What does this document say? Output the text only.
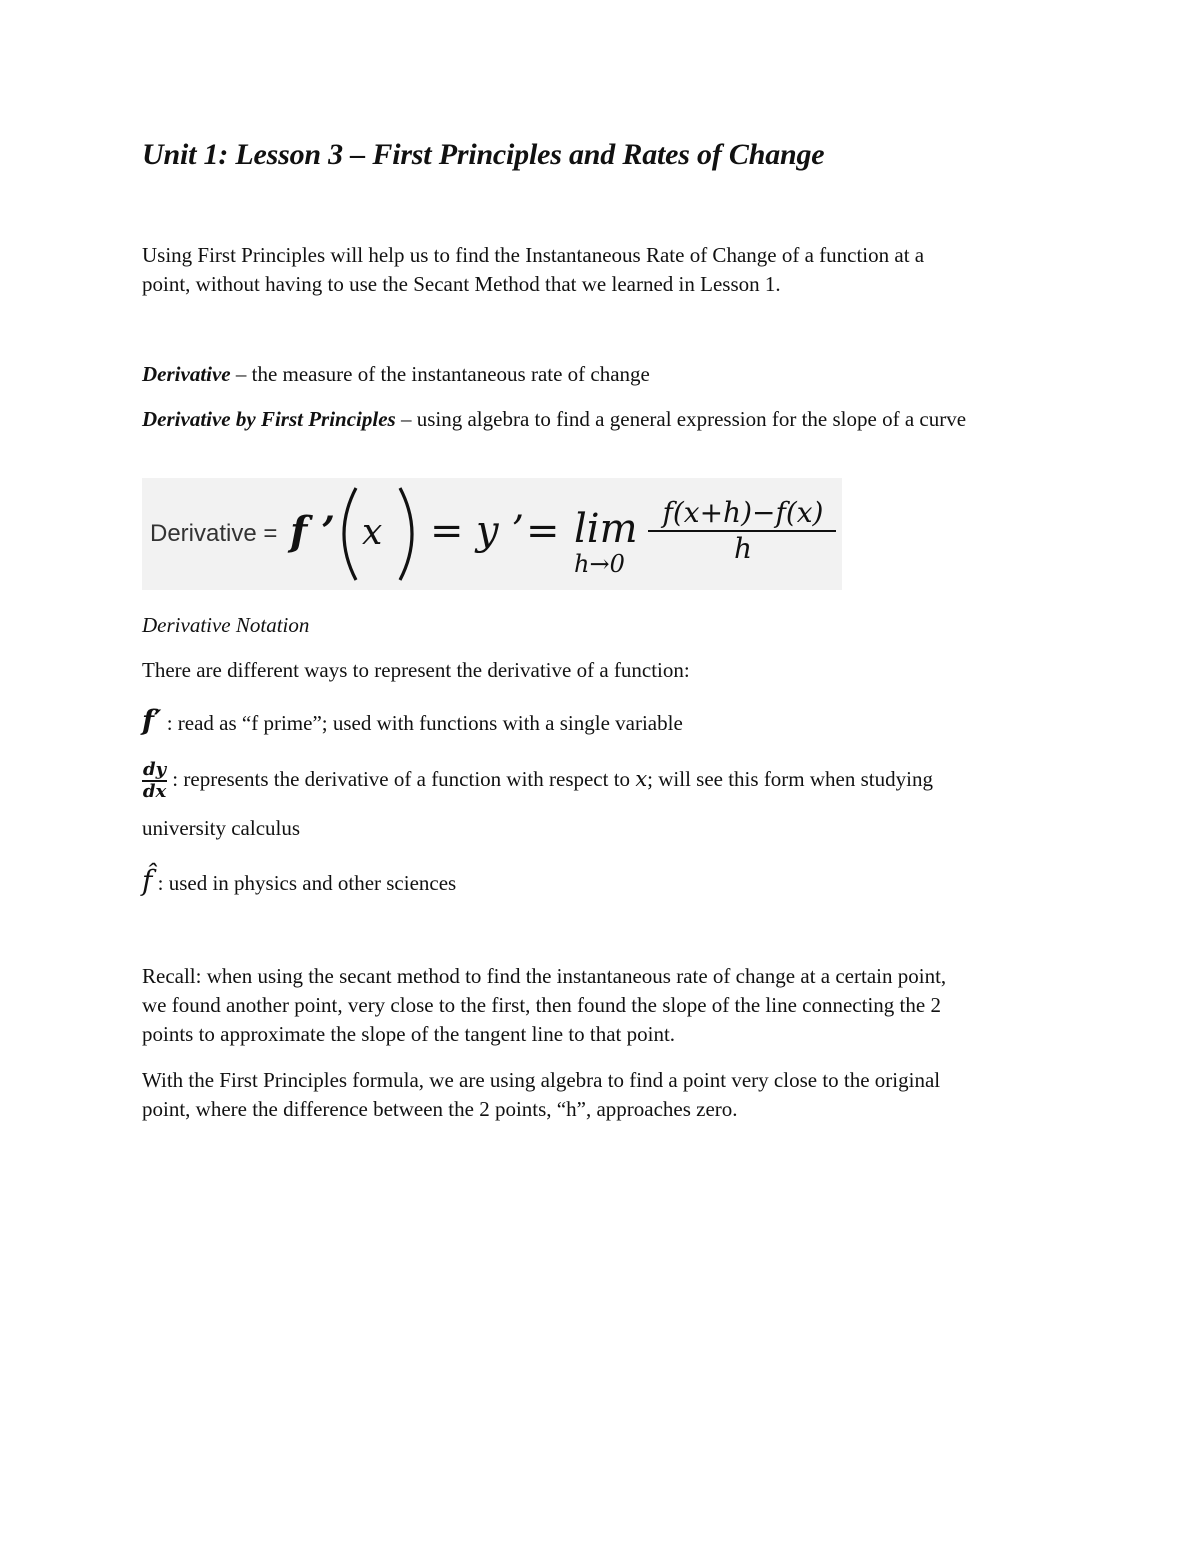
Unit 1: Lesson 3 – First Principles and Rates of Change
Using First Principles will help us to find the Instantaneous Rate of Change of a function at a
point, without having to use the Secant Method that we learned in Lesson 1.
Derivative – the measure of the instantaneous rate of change
Derivative by First Principles – using algebra to find a general expression for the slope of a curve
Derivative = f ’ x = y ’ = lim
h→0
f(x+h)−f(x)
h
Derivative Notation
There are different ways to represent the derivative of a function:
f′ : read as “f prime”; used with functions with a single variable
$\frac{dy}{dx}$ : represents the derivative of a function with respect to x; will see this form when studying
university calculus
f̂ : used in physics and other sciences
Recall: when using the secant method to find the instantaneous rate of change at a certain point,
we found another point, very close to the first, then found the slope of the line connecting the 2
points to approximate the slope of the tangent line to that point.
With the First Principles formula, we are using algebra to find a point very close to the original
point, where the difference between the 2 points, “h”, approaches zero.
